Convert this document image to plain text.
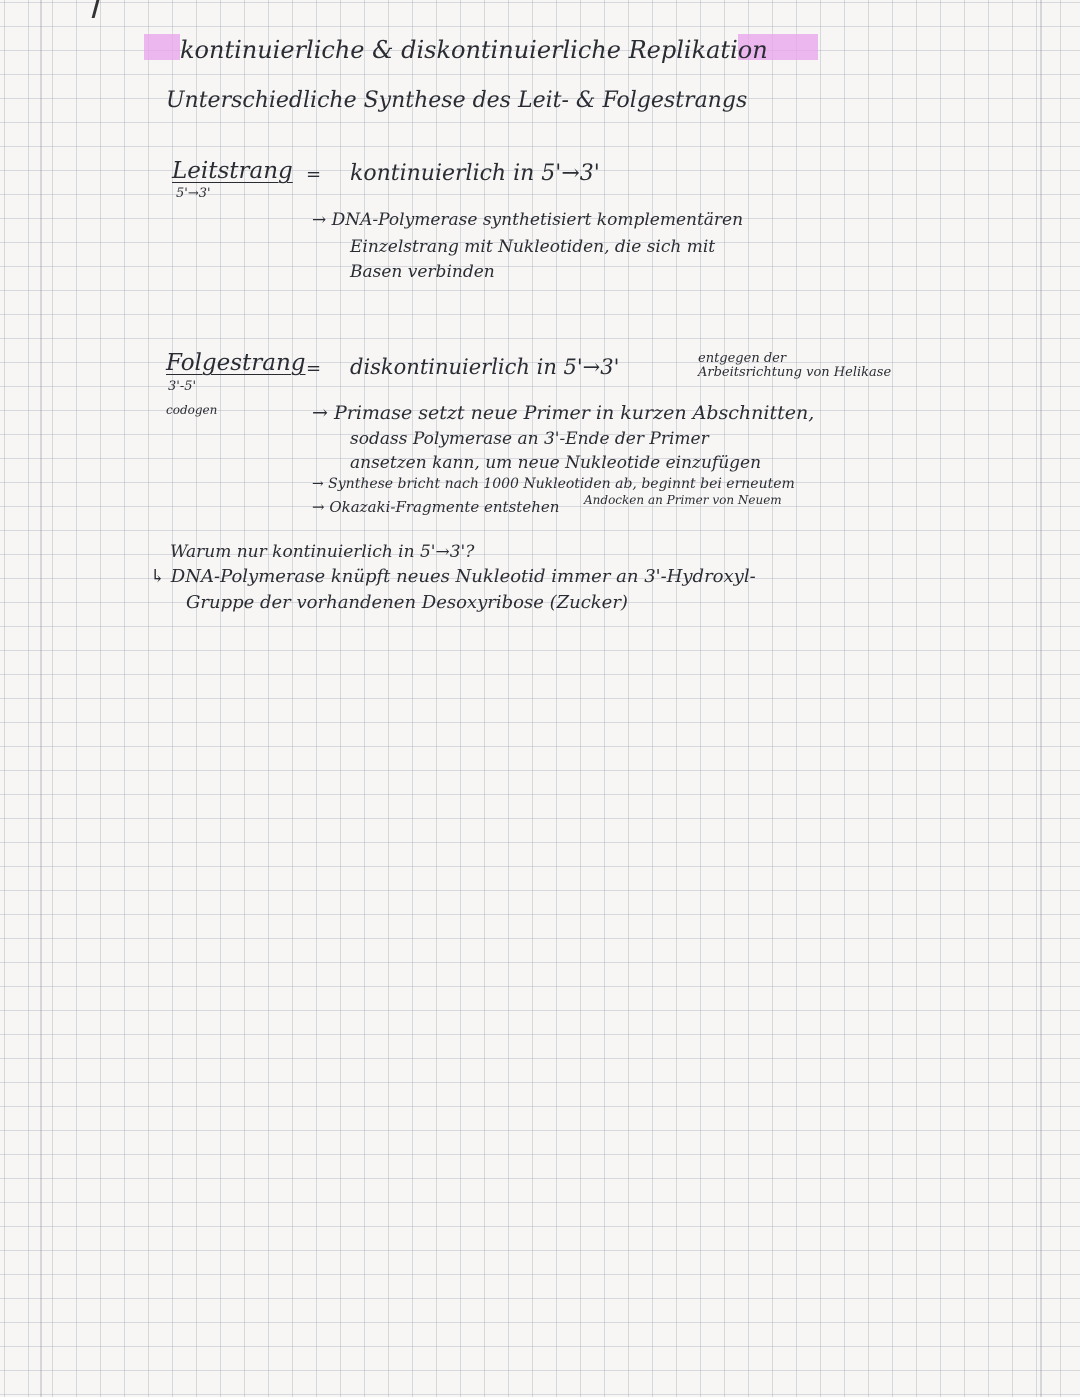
kontinuierliche & diskontinuierliche Replikation
Unterschiedliche Synthese des Leit- & Folgestrangs
Leitstrang
5'→3'
= kontinuierlich in 5'→3'
→ DNA-Polymerase synthetisiert komplementären
Einzelstrang mit Nukleotiden, die sich mit
Basen verbinden
Folgestrang
3'-5'
codogen
= diskontinuierlich in 5'→3'	entgegen der
Arbeitsrichtung von Helikase
→ Primase setzt neue Primer in kurzen Abschnitten,
sodass Polymerase an 3'-Ende der Primer
ansetzen kann, um neue Nukleotide einzufügen
→ Synthese bricht nach 1000 Nukleotiden ab, beginnt bei erneutem
Andocken an Primer von Neuem
→ Okazaki-Fragmente entstehen
Warum nur kontinuierlich in 5'→3'?
↳ DNA-Polymerase knüpft neues Nukleotid immer an 3'-Hydroxyl-
Gruppe der vorhandenen Desoxyribose (Zucker)
